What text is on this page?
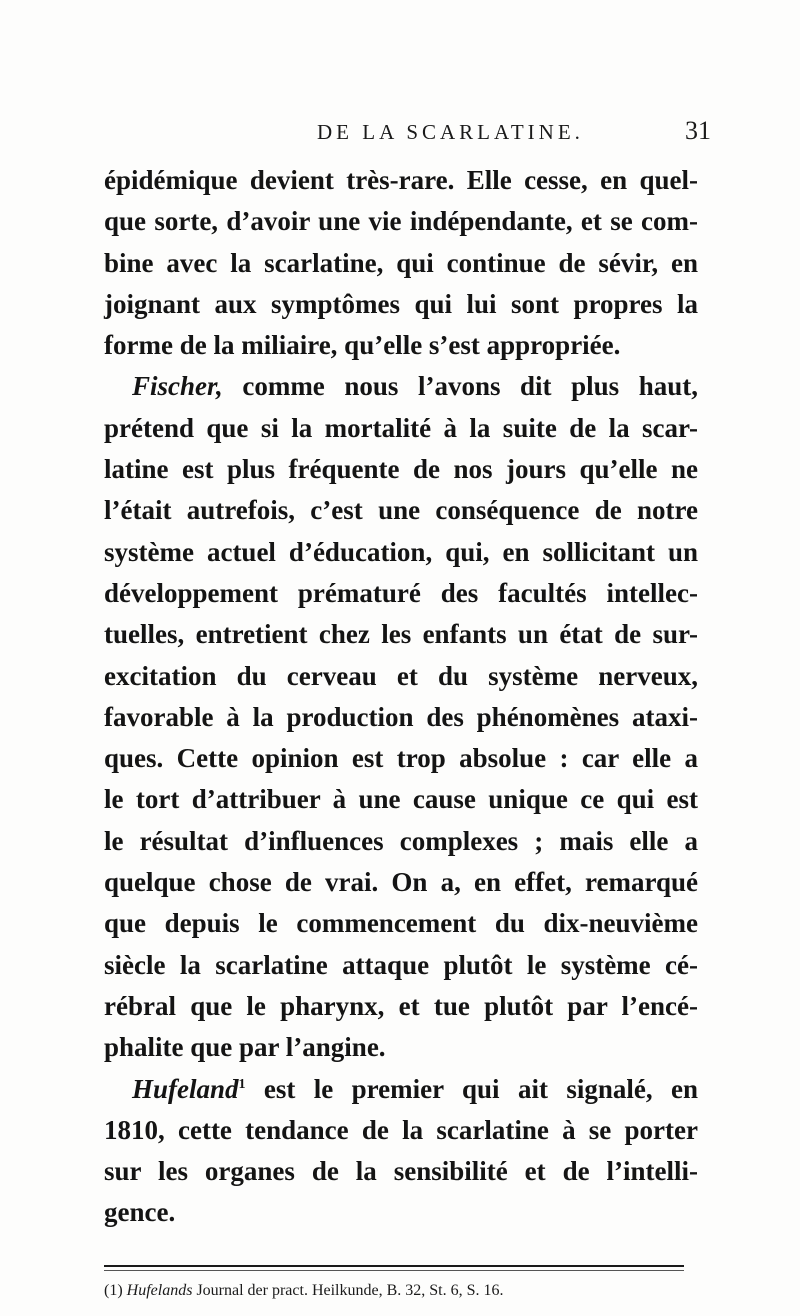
DE LA SCARLATINE.	31
épidémique devient très-rare. Elle cesse, en quel-
que sorte, d’avoir une vie indépendante, et se com-
bine avec la scarlatine, qui continue de sévir, en
joignant aux symptômes qui lui sont propres la
forme de la miliaire, qu’elle s’est appropriée.
Fischer, comme nous l’avons dit plus haut,
prétend que si la mortalité à la suite de la scar-
latine est plus fréquente de nos jours qu’elle ne
l’était autrefois, c’est une conséquence de notre
système actuel d’éducation, qui, en sollicitant un
développement prématuré des facultés intellec-
tuelles, entretient chez les enfants un état de sur-
excitation du cerveau et du système nerveux,
favorable à la production des phénomènes ataxi-
ques. Cette opinion est trop absolue : car elle a
le tort d’attribuer à une cause unique ce qui est
le résultat d’influences complexes ; mais elle a
quelque chose de vrai. On a, en effet, remarqué
que depuis le commencement du dix-neuvième
siècle la scarlatine attaque plutôt le système cé-
rébral que le pharynx, et tue plutôt par l’encé-
phalite que par l’angine.
Hufeland$^1$ est le premier qui ait signalé, en
1810, cette tendance de la scarlatine à se porter
sur les organes de la sensibilité et de l’intelli-
gence.
(1) Hufelands Journal der pract. Heilkunde, B. 32, St. 6, S. 16.
